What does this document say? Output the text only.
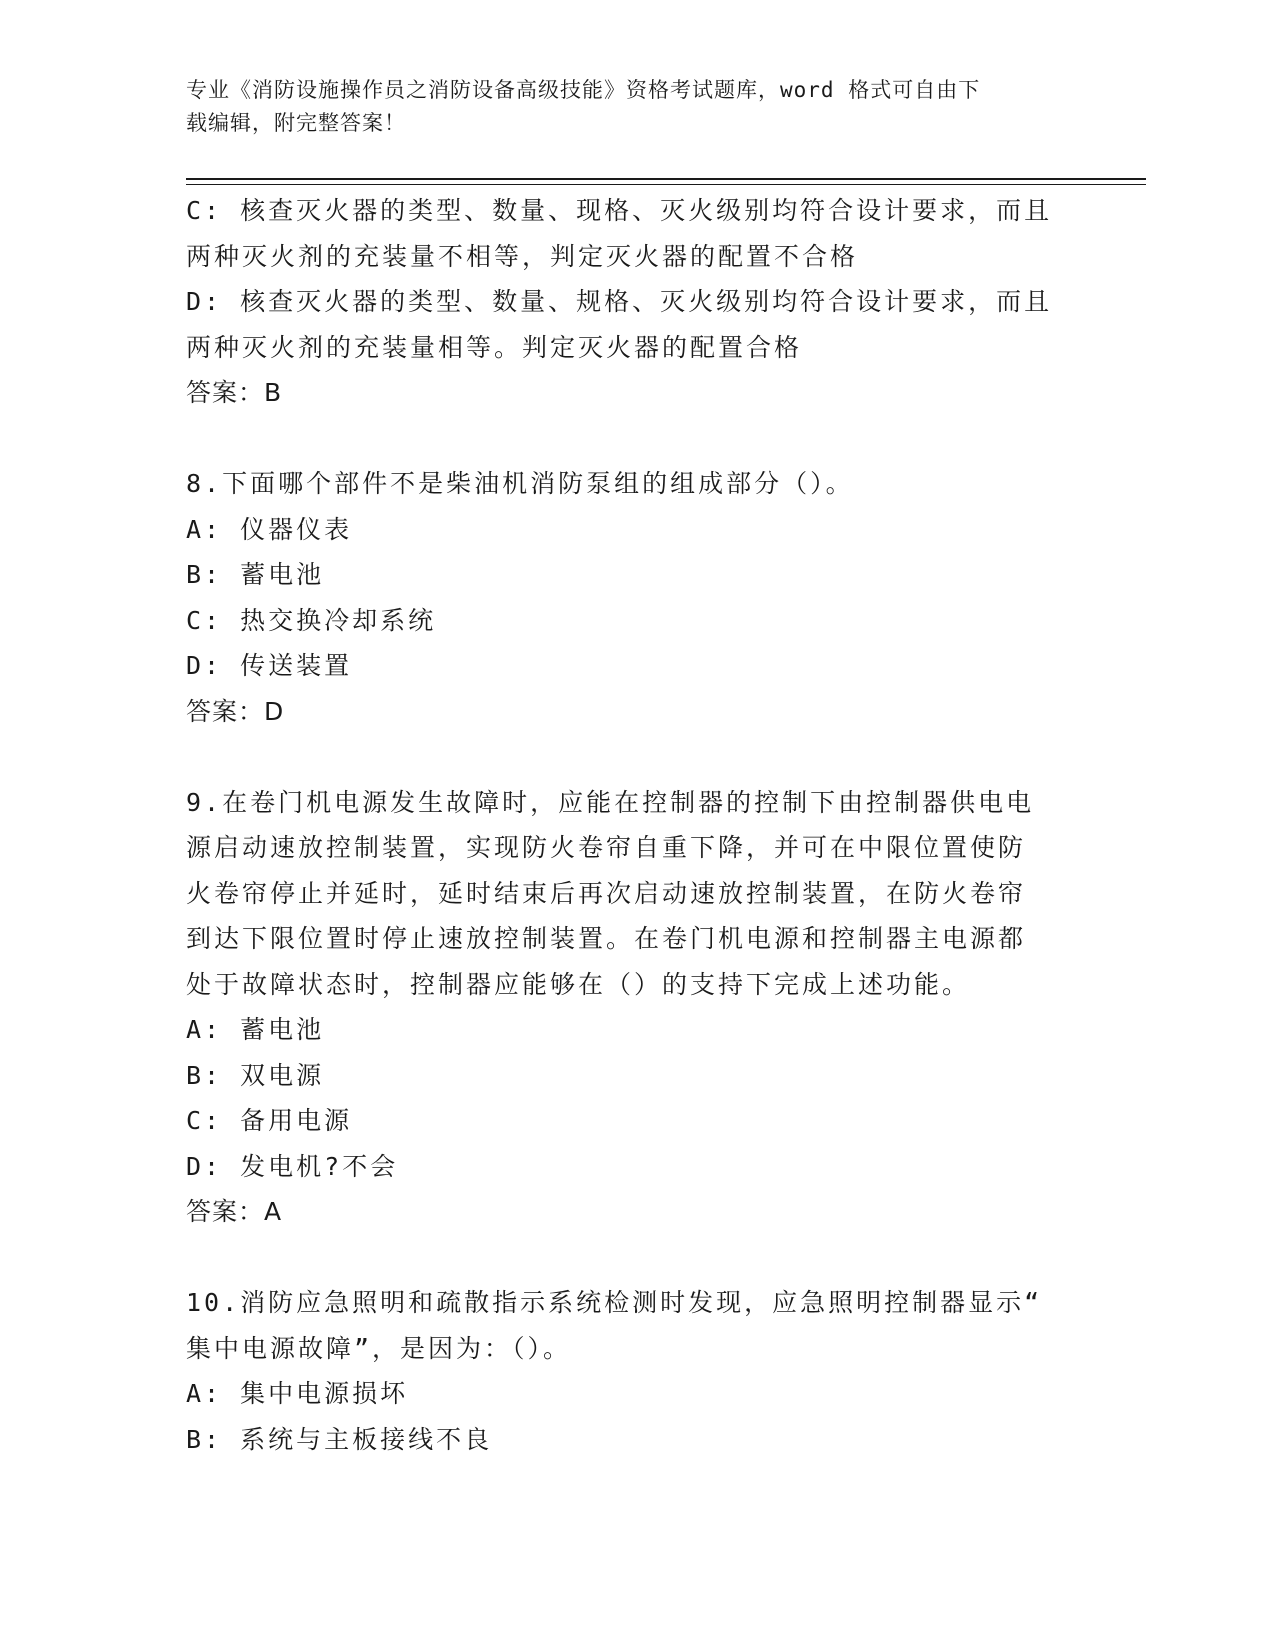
专业《消防设施操作员之消防设备高级技能》资格考试题库，word 格式可自由下
载编辑，附完整答案！
C: 核查灭火器的类型、数量、现格、灭火级别均符合设计要求，而且
两种灭火剂的充装量不相等，判定灭火器的配置不合格
D: 核查灭火器的类型、数量、规格、灭火级别均符合设计要求，而且
两种灭火剂的充装量相等。判定灭火器的配置合格
答案：B
8.下面哪个部件不是柴油机消防泵组的组成部分（）。
A: 仪器仪表
B: 蓄电池
C: 热交换冷却系统
D: 传送装置
答案：D
9.在卷门机电源发生故障时，应能在控制器的控制下由控制器供电电
源启动速放控制装置，实现防火卷帘自重下降，并可在中限位置使防
火卷帘停止并延时，延时结束后再次启动速放控制装置，在防火卷帘
到达下限位置时停止速放控制装置。在卷门机电源和控制器主电源都
处于故障状态时，控制器应能够在（）的支持下完成上述功能。
A: 蓄电池
B: 双电源
C: 备用电源
D: 发电机?不会
答案：A
10.消防应急照明和疏散指示系统检测时发现，应急照明控制器显示“
集中电源故障”，是因为：（）。
A: 集中电源损坏
B: 系统与主板接线不良
